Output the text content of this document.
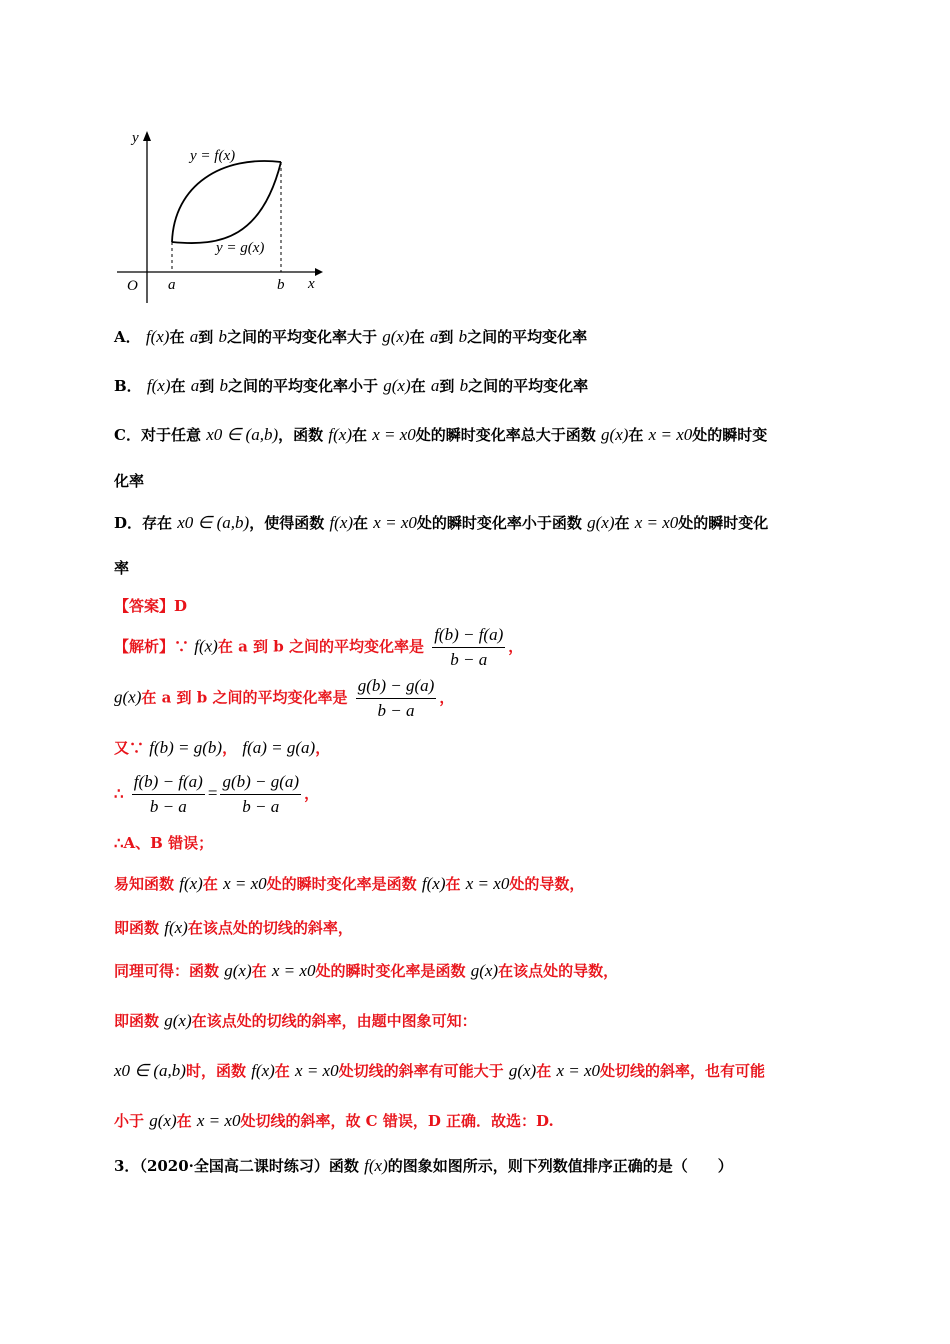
y
x
O a	b
y = f(x)
y = g(x)
A． f(x)在 a到 b之间的平均变化率大于 g(x)在 a到 b之间的平均变化率
B． f(x)在 a到 b之间的平均变化率小于 g(x)在 a到 b之间的平均变化率
C．对于任意 x0 ∈ (a,b)，函数 f(x)在 x = x0处的瞬时变化率总大于函数 g(x)在 x = x0处的瞬时变
化率
D．存在 x0 ∈ (a,b)，使得函数 f(x)在 x = x0处的瞬时变化率小于函数 g(x)在 x = x0处的瞬时变化
率
【答案】D
【解析】∵ f(x)在 a 到 b 之间的平均变化率是 $\frac{f(b) - f(a)}{b - a}$ ，
g(x)在 a 到 b 之间的平均变化率是 $\frac{g(b) - g(a)}{b - a}$ ，
又∵ f(b) = g(b)， f(a) = g(a)，
∴ $\frac{f(b) - f(a)}{b - a} = \frac{g(b) - g(a)}{b - a}$ ，
∴A、B 错误；
易知函数 f(x)在 x = x0处的瞬时变化率是函数 f(x)在 x = x0处的导数，
即函数 f(x)在该点处的切线的斜率，
同理可得：函数 g(x)在 x = x0处的瞬时变化率是函数 g(x)在该点处的导数，
即函数 g(x)在该点处的切线的斜率，由题中图象可知：
x0 ∈ (a,b)时，函数 f(x)在 x = x0处切线的斜率有可能大于 g(x)在 x = x0处切线的斜率，也有可能
小于 g(x)在 x = x0处切线的斜率，故 C 错误，D 正确．故选：D.
3．（2020·全国高二课时练习）函数 f(x)的图象如图所示，则下列数值排序正确的是（　　）
